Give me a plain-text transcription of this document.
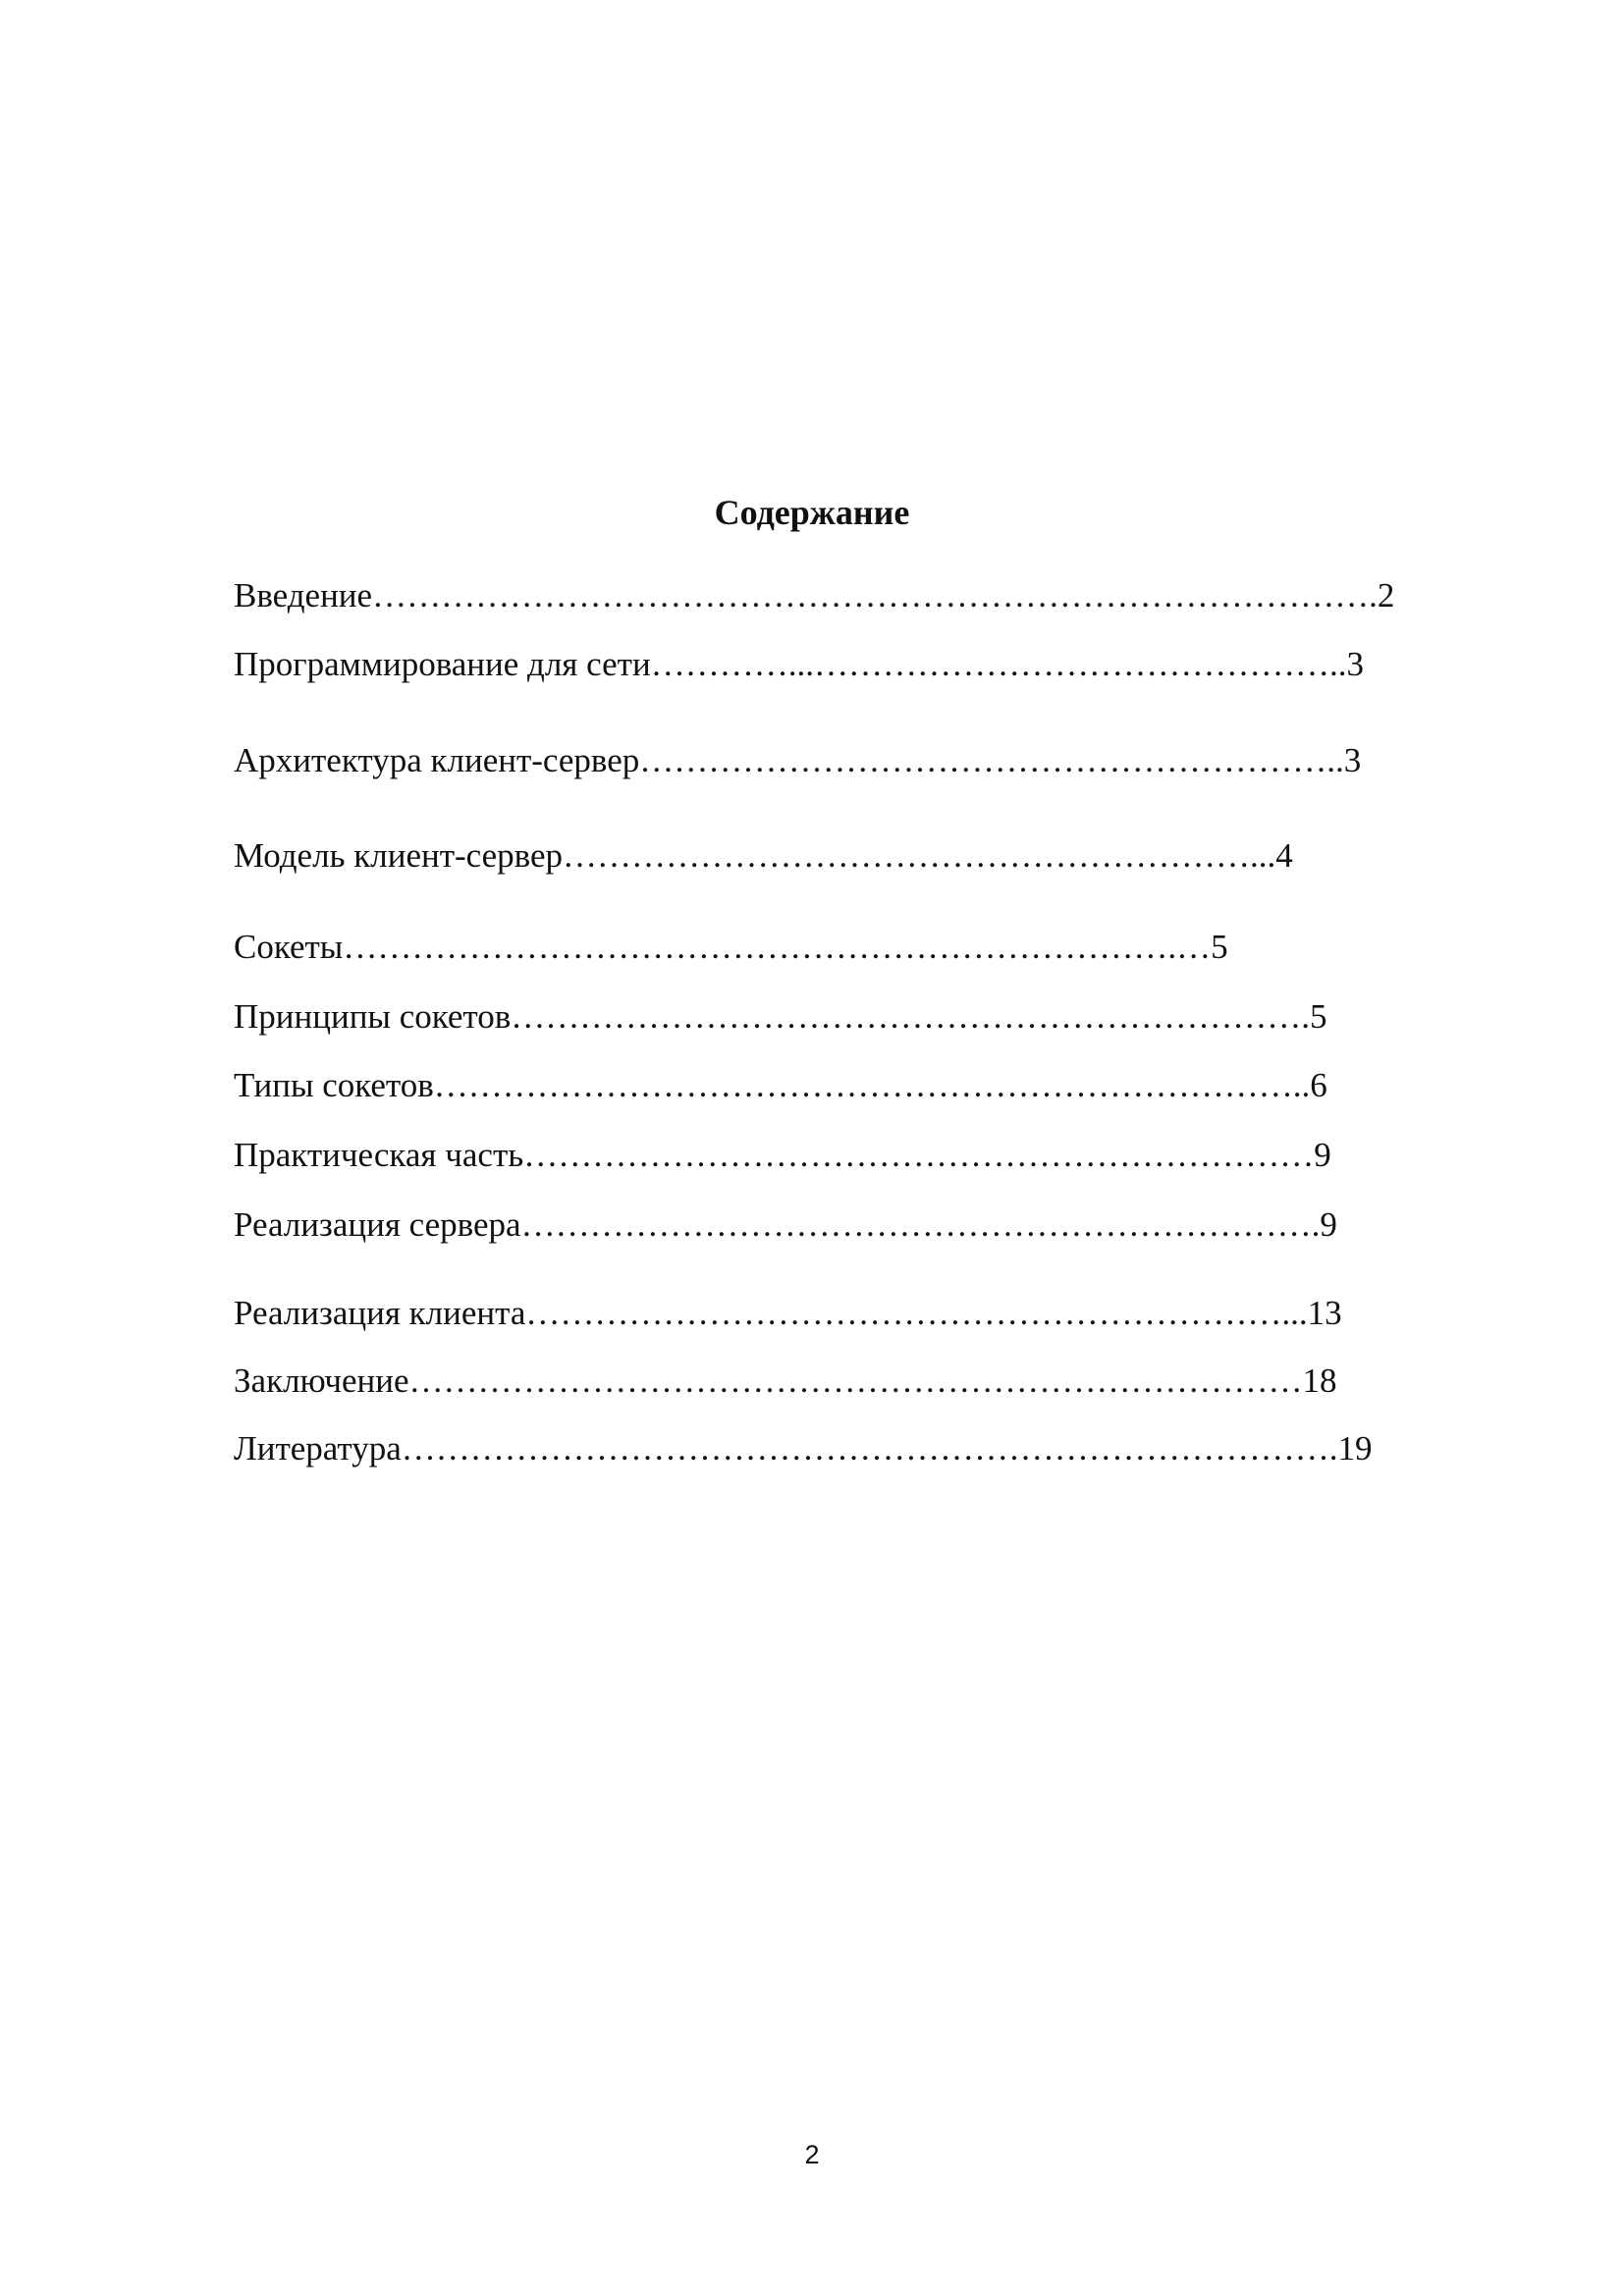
Содержание
Введение…………………………………………………………………………….2
Программирование для сети…………...………………………………………..3
Архитектура клиент-сервер……………………………………………………..3
Модель клиент-сервер……………………………………………………...4
Сокеты……………………………………………………………….…5
Принципы сокетов…………………………………………………………….5
Типы сокетов…………………………………………………………………..6
Практическая часть……………………………………………………………9
Реализация сервера…………………………………………………………….9
Реализация клиента…………………………………………………………...13
Заключение……………………………………………………………………18
Литература……………………………………………………………………….19
2
